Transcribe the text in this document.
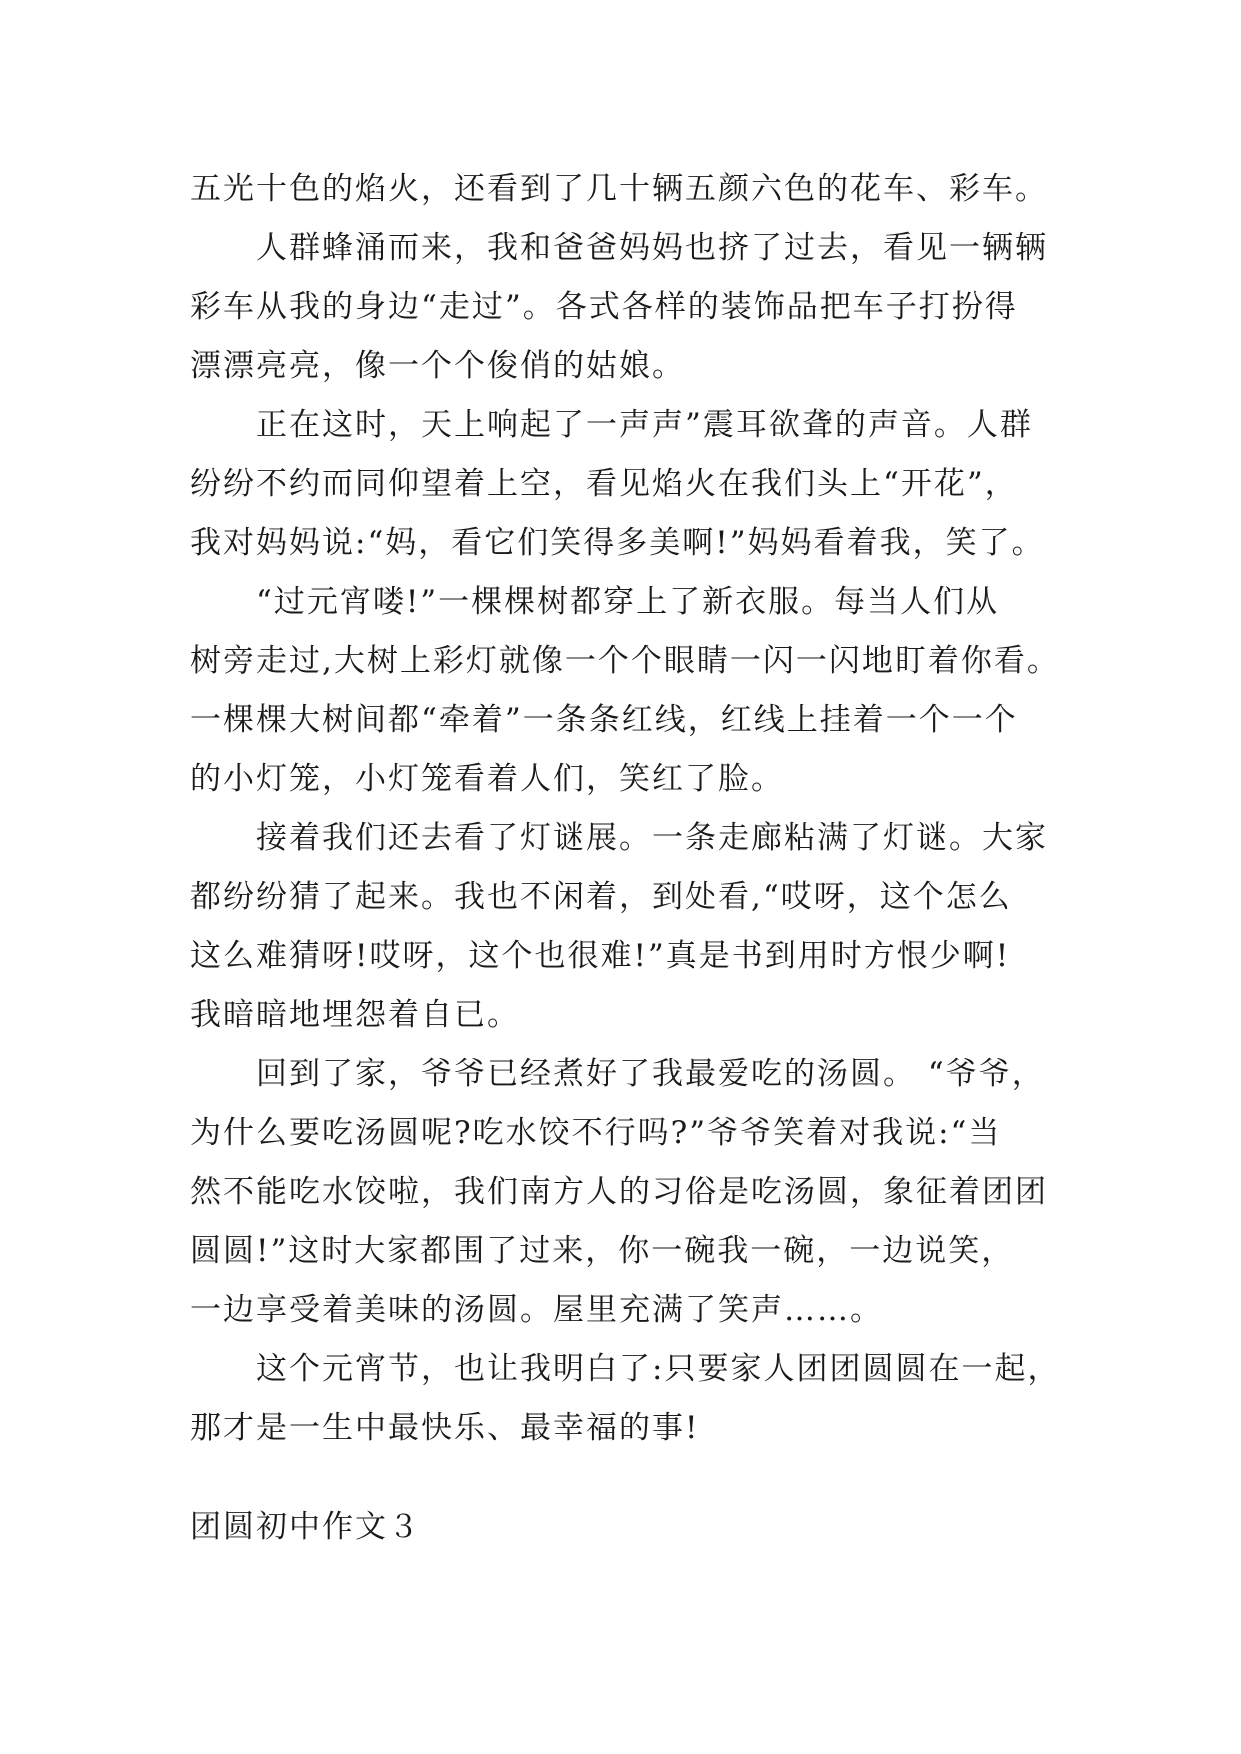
五光十色的焰火，还看到了几十辆五颜六色的花车、彩车。
人群蜂涌而来，我和爸爸妈妈也挤了过去，看见一辆辆
彩车从我的身边“走过”。各式各样的装饰品把车子打扮得
漂漂亮亮，像一个个俊俏的姑娘。
正在这时，天上响起了一声声”震耳欲聋的声音。人群
纷纷不约而同仰望着上空，看见焰火在我们头上“开花”，
我对妈妈说:“妈，看它们笑得多美啊!”妈妈看着我，笑了。
“过元宵喽!”一棵棵树都穿上了新衣服。每当人们从
树旁走过,大树上彩灯就像一个个眼睛一闪一闪地盯着你看。
一棵棵大树间都“牵着”一条条红线，红线上挂着一个一个
的小灯笼，小灯笼看着人们，笑红了脸。
接着我们还去看了灯谜展。一条走廊粘满了灯谜。大家
都纷纷猜了起来。我也不闲着，到处看,“哎呀，这个怎么
这么难猜呀!哎呀，这个也很难!”真是书到用时方恨少啊!
我暗暗地埋怨着自已。
回到了家，爷爷已经煮好了我最爱吃的汤圆。 “爷爷，
为什么要吃汤圆呢?吃水饺不行吗?”爷爷笑着对我说:“当
然不能吃水饺啦，我们南方人的习俗是吃汤圆，象征着团团
圆圆!”这时大家都围了过来，你一碗我一碗，一边说笑，
一边享受着美味的汤圆。屋里充满了笑声……。
这个元宵节，也让我明白了:只要家人团团圆圆在一起，
那才是一生中最快乐、最幸福的事!
团圆初中作文３
